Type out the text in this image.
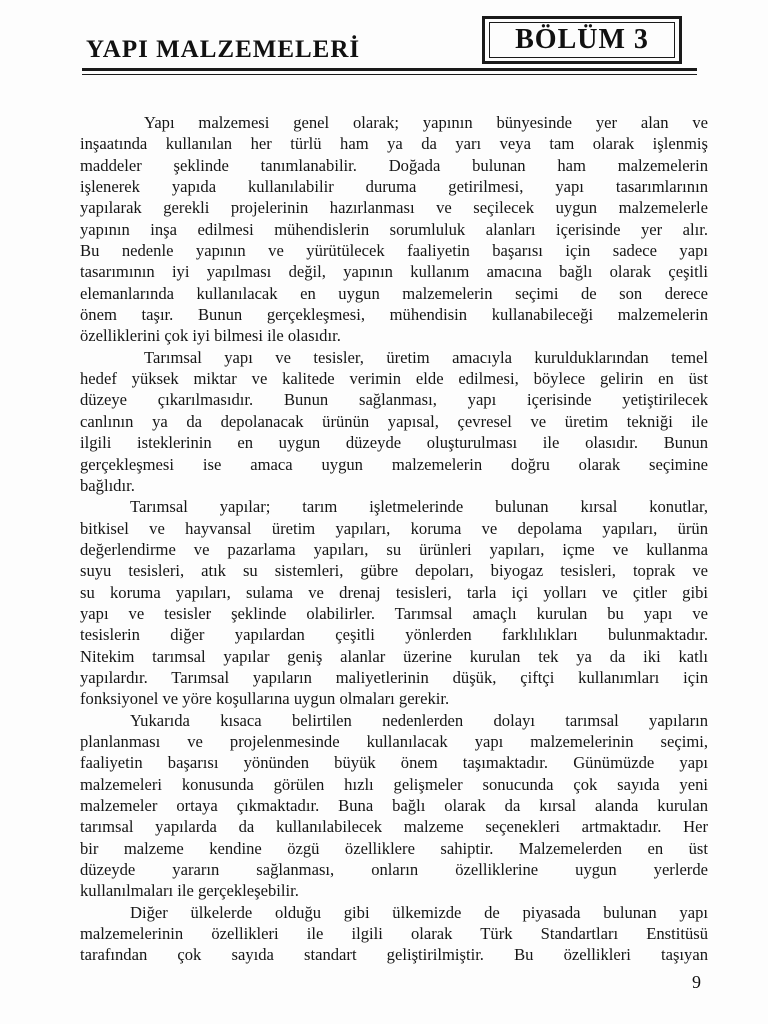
YAPI MALZEMELERİ	BÖLÜM 3
Yapı malzemesi genel olarak; yapının bünyesinde yer alan ve
inşaatında kullanılan her türlü ham ya da yarı veya tam olarak işlenmiş
maddeler şeklinde tanımlanabilir. Doğada bulunan ham malzemelerin
işlenerek yapıda kullanılabilir duruma getirilmesi, yapı tasarımlarının
yapılarak gerekli projelerinin hazırlanması ve seçilecek uygun malzemelerle
yapının inşa edilmesi mühendislerin sorumluluk alanları içerisinde yer alır.
Bu nedenle yapının ve yürütülecek faaliyetin başarısı için sadece yapı
tasarımının iyi yapılması değil, yapının kullanım amacına bağlı olarak çeşitli
elemanlarında kullanılacak en uygun malzemelerin seçimi de son derece
önem taşır. Bunun gerçekleşmesi, mühendisin kullanabileceği malzemelerin
özelliklerini çok iyi bilmesi ile olasıdır.
Tarımsal yapı ve tesisler, üretim amacıyla kurulduklarından temel
hedef yüksek miktar ve kalitede verimin elde edilmesi, böylece gelirin en üst
düzeye çıkarılmasıdır. Bunun sağlanması, yapı içerisinde yetiştirilecek
canlının ya da depolanacak ürünün yapısal, çevresel ve üretim tekniği ile
ilgili isteklerinin en uygun düzeyde oluşturulması ile olasıdır. Bunun
gerçekleşmesi ise amaca uygun malzemelerin doğru olarak seçimine
bağlıdır.
Tarımsal yapılar; tarım işletmelerinde bulunan kırsal konutlar,
bitkisel ve hayvansal üretim yapıları, koruma ve depolama yapıları, ürün
değerlendirme ve pazarlama yapıları, su ürünleri yapıları, içme ve kullanma
suyu tesisleri, atık su sistemleri, gübre depoları, biyogaz tesisleri, toprak ve
su koruma yapıları, sulama ve drenaj tesisleri, tarla içi yolları ve çitler gibi
yapı ve tesisler şeklinde olabilirler. Tarımsal amaçlı kurulan bu yapı ve
tesislerin diğer yapılardan çeşitli yönlerden farklılıkları bulunmaktadır.
Nitekim tarımsal yapılar geniş alanlar üzerine kurulan tek ya da iki katlı
yapılardır. Tarımsal yapıların maliyetlerinin düşük, çiftçi kullanımları için
fonksiyonel ve yöre koşullarına uygun olmaları gerekir.
Yukarıda kısaca belirtilen nedenlerden dolayı tarımsal yapıların
planlanması ve projelenmesinde kullanılacak yapı malzemelerinin seçimi,
faaliyetin başarısı yönünden büyük önem taşımaktadır. Günümüzde yapı
malzemeleri konusunda görülen hızlı gelişmeler sonucunda çok sayıda yeni
malzemeler ortaya çıkmaktadır. Buna bağlı olarak da kırsal alanda kurulan
tarımsal yapılarda da kullanılabilecek malzeme seçenekleri artmaktadır. Her
bir malzeme kendine özgü özelliklere sahiptir. Malzemelerden en üst
düzeyde yararın sağlanması, onların özelliklerine uygun yerlerde
kullanılmaları ile gerçekleşebilir.
Diğer ülkelerde olduğu gibi ülkemizde de piyasada bulunan yapı
malzemelerinin özellikleri ile ilgili olarak Türk Standartları Enstitüsü
tarafından çok sayıda standart geliştirilmiştir. Bu özellikleri taşıyan
9
